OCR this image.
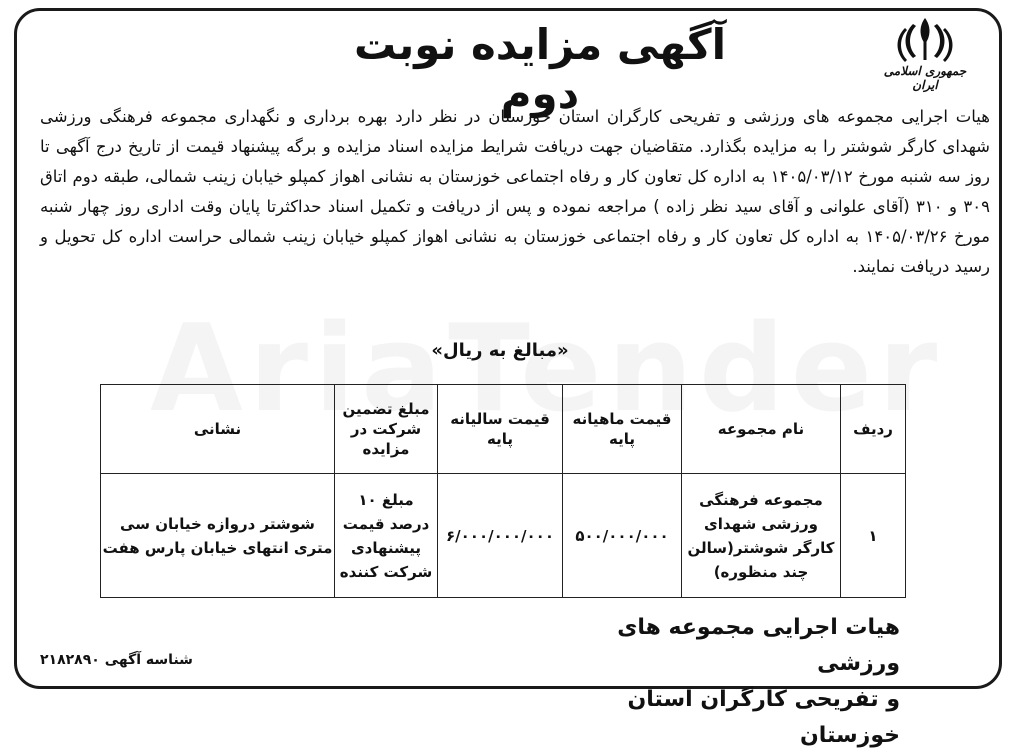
جمهوری اسلامی ایران
آگهی مزایده نوبت دوم
هیات اجرایی مجموعه های ورزشی و تفریحی کارگران استان خوزستان در نظر دارد بهره برداری و نگهداری مجموعه فرهنگی ورزشی شهدای کارگر شوشتر را به مزایده بگذارد. متقاضیان جهت دریافت شرایط مزایده اسناد مزایده و برگه پیشنهاد قیمت از تاریخ درج آگهی تا روز سه شنبه مورخ ۱۴۰۵/۰۳/۱۲ به اداره کل تعاون کار و رفاه اجتماعی خوزستان به نشانی اهواز کمپلو خیابان زینب شمالی، طبقه دوم اتاق ۳۰۹ و ۳۱۰ (آقای علوانی و آقای سید نظر زاده ) مراجعه نموده و پس از دریافت و تکمیل اسناد حداکثرتا پایان وقت اداری روز چهار شنبه مورخ ۱۴۰۵/۰۳/۲۶ به اداره کل تعاون کار و رفاه اجتماعی خوزستان به نشانی اهواز کمپلو خیابان زینب شمالی حراست اداره کل تحویل و رسید دریافت نمایند.
«مبالغ به ریال»
ردیف	نام مجموعه	قیمت ماهیانه پایه	قیمت سالیانه پایه	مبلغ تضمین شرکت در مزایده	نشانی
۱	مجموعه فرهنگی ورزشی شهدای کارگر شوشتر(سالن چند منظوره)	۵۰۰/۰۰۰/۰۰۰	۶/۰۰۰/۰۰۰/۰۰۰	مبلغ ۱۰ درصد قیمت پیشنهادی شرکت کننده	شوشتر دروازه خیابان سی متری انتهای خیابان پارس هفت
هیات اجرایی مجموعه های ورزشی
و تفریحی کارگران استان خوزستان
شناسه آگهی ۲۱۸۲۸۹۰
